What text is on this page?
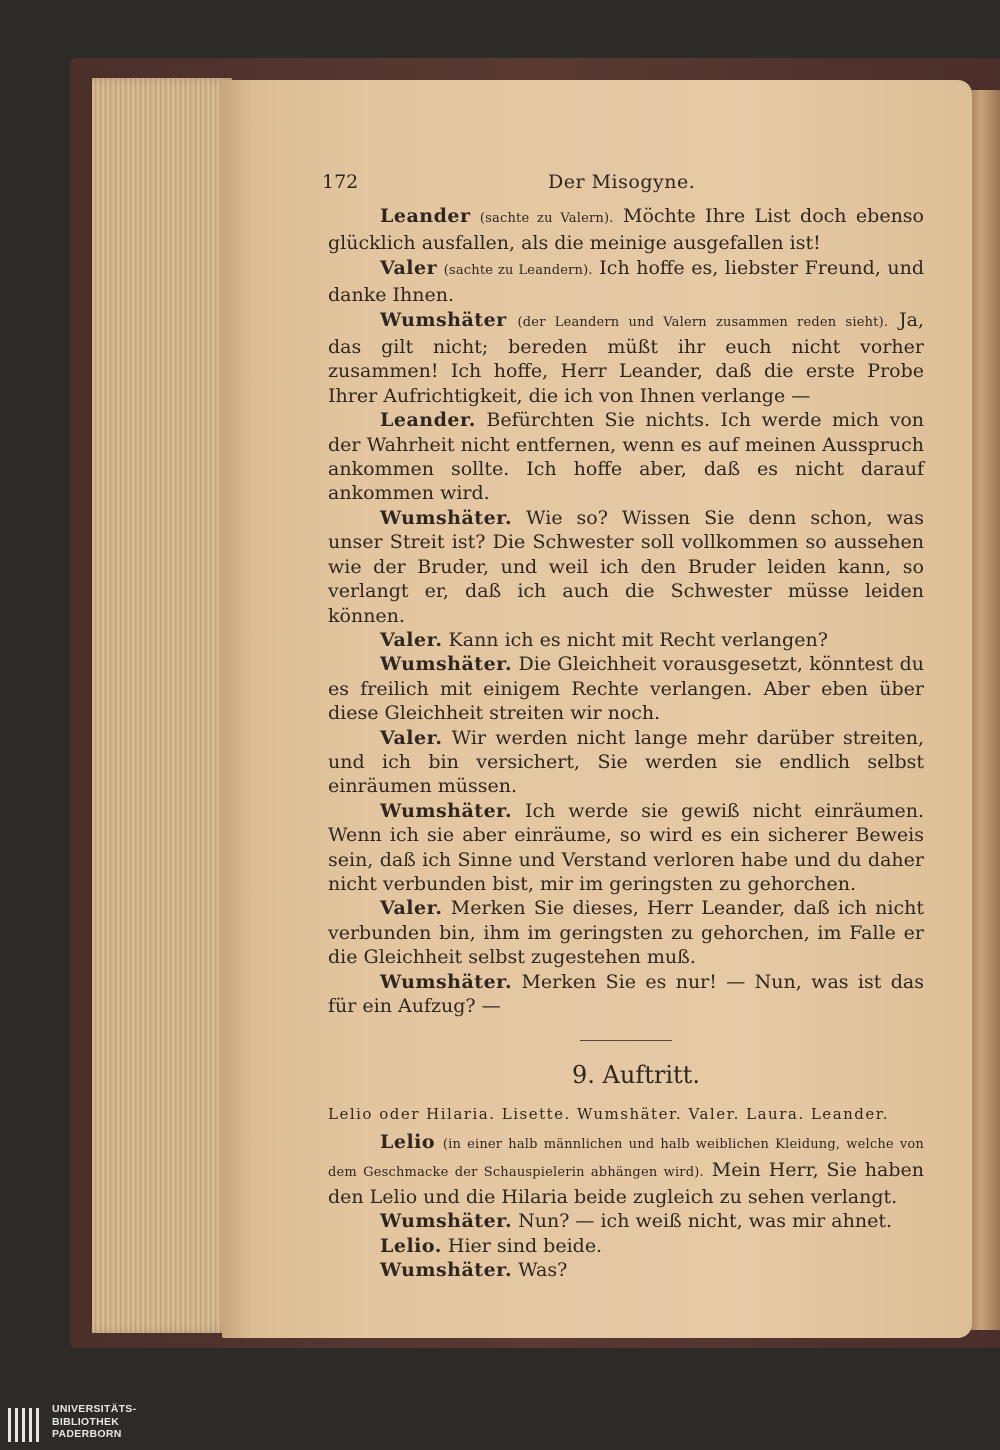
172	Der Misogyne.

Leander (sachte zu Valern). Möchte Ihre List doch ebenso glücklich ausfallen, als die meinige ausgefallen ist!

Valer (sachte zu Leandern). Ich hoffe es, liebster Freund, und danke Ihnen.

Wumshäter (der Leandern und Valern zusammen reden sieht). Ja, das gilt nicht; bereden müßt ihr euch nicht vorher zusammen! Ich hoffe, Herr Leander, daß die erste Probe Ihrer Aufrichtigkeit, die ich von Ihnen verlange —

Leander. Befürchten Sie nichts. Ich werde mich von der Wahrheit nicht entfernen, wenn es auf meinen Ausspruch ankommen sollte. Ich hoffe aber, daß es nicht darauf ankommen wird.

Wumshäter. Wie so? Wissen Sie denn schon, was unser Streit ist? Die Schwester soll vollkommen so aussehen wie der Bruder, und weil ich den Bruder leiden kann, so verlangt er, daß ich auch die Schwester müsse leiden können.

Valer. Kann ich es nicht mit Recht verlangen?

Wumshäter. Die Gleichheit vorausgesetzt, könntest du es freilich mit einigem Rechte verlangen. Aber eben über diese Gleichheit streiten wir noch.

Valer. Wir werden nicht lange mehr darüber streiten, und ich bin versichert, Sie werden sie endlich selbst einräumen müssen.

Wumshäter. Ich werde sie gewiß nicht einräumen. Wenn ich sie aber einräume, so wird es ein sicherer Beweis sein, daß ich Sinne und Verstand verloren habe und du daher nicht verbunden bist, mir im geringsten zu gehorchen.

Valer. Merken Sie dieses, Herr Leander, daß ich nicht verbunden bin, ihm im geringsten zu gehorchen, im Falle er die Gleichheit selbst zugestehen muß.

Wumshäter. Merken Sie es nur! — Nun, was ist das für ein Aufzug? —

9. Auftritt.

Lelio oder Hilaria. Lisette. Wumshäter. Valer. Laura. Leander.

Lelio (in einer halb männlichen und halb weiblichen Kleidung, welche von dem Geschmacke der Schauspielerin abhängen wird). Mein Herr, Sie haben den Lelio und die Hilaria beide zugleich zu sehen verlangt.

Wumshäter. Nun? — ich weiß nicht, was mir ahnet.

Lelio. Hier sind beide.

Wumshäter. Was?

UNIVERSITÄTS-
BIBLIOTHEK
PADERBORN
